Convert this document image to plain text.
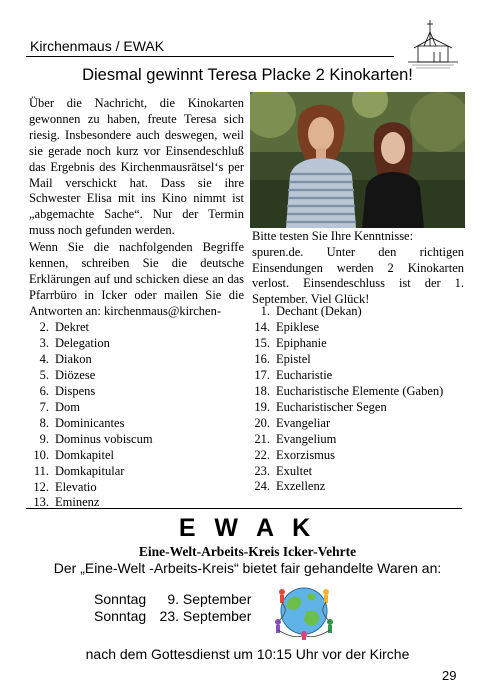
Kirchenmaus / EWAK
Diesmal gewinnt Teresa Placke 2 Kinokarten!

Über die Nachricht, die Kinokarten gewonnen zu haben, freute Teresa sich riesig. Insbesondere auch deswegen, weil sie gerade noch kurz vor Einsendeschluß das Ergebnis des Kirchenmausrätsel‘s per Mail verschickt hat. Dass sie ihre Schwester Elisa mit ins Kino nimmt ist „abgemachte Sache“. Nur der Termin muss noch gefunden werden.

Wenn Sie die nachfolgenden Begriffe kennen, schreiben Sie die deutsche Erklärungen auf und schicken diese an das Pfarrbüro in Icker oder mailen Sie die Antworten an: kirchenmaus@kirchen-

Bitte testen Sie Ihre Kenntnisse:
spuren.de. Unter den richtigen Einsendungen werden 2 Kinokarten verlost. Einsendeschluss ist der 1. September. Viel Glück!
2. Dekret
3. Delegation
4. Diakon
5. Diözese
6. Dispens
7. Dom
8. Dominicantes
9. Dominus vobiscum
10. Domkapitel
11. Domkapitular
12. Elevatio
13. Eminenz
1. Dechant (Dekan)
14. Epiklese
15. Epiphanie
16. Epistel
17. Eucharistie
18. Eucharistische Elemente (Gaben)
19. Eucharistischer Segen
20. Evangeliar
21. Evangelium
22. Exorzismus
23. Exultet
24. Exzellenz
E W A K
Eine-Welt-Arbeits-Kreis Icker-Vehrte
Der „Eine-Welt -Arbeits-Kreis“ bietet fair gehandelte Waren an:
Sonntag 9. September
Sonntag 23. September
nach dem Gottesdienst um 10:15 Uhr vor der Kirche
29
